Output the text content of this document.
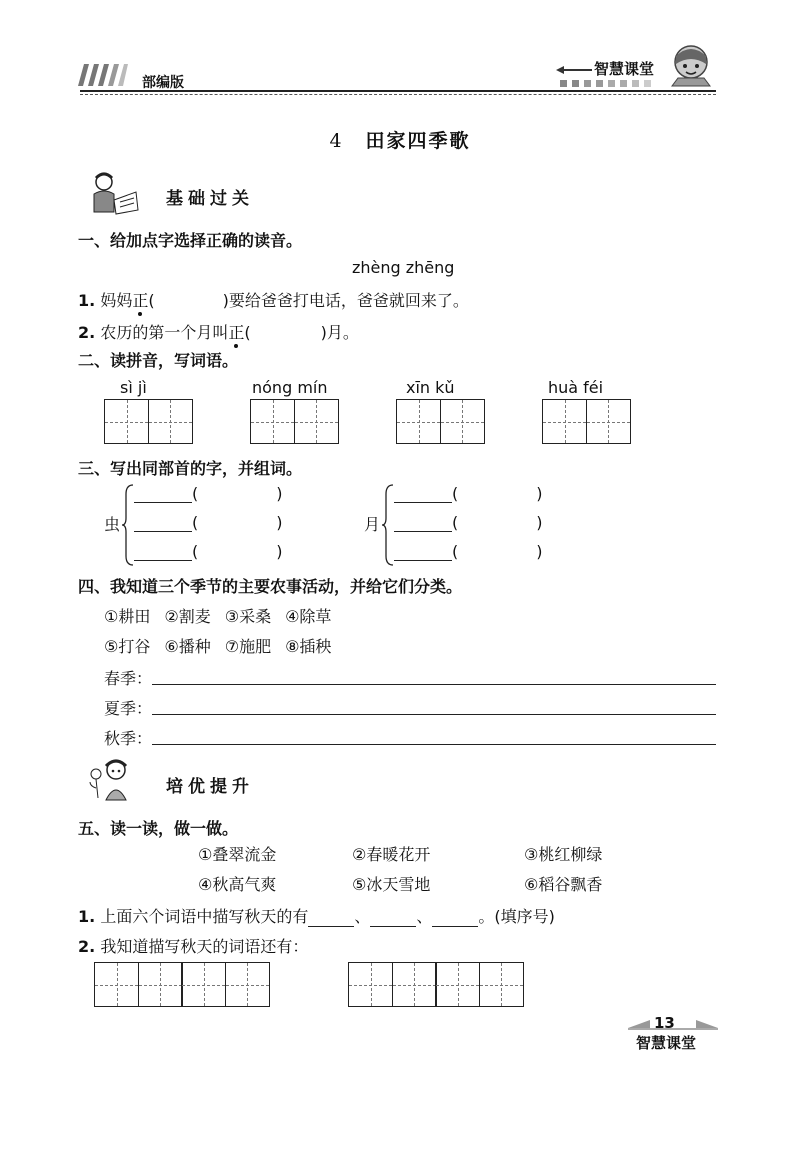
部编版
智慧课堂
4 田家四季歌
基础过关
一、给加点字选择正确的读音。
zhèng zhēng
1. 妈妈正(	)要给爸爸打电话，爸爸就回来了。
2. 农历的第一个月叫正(	)月。
二、读拼音，写词语。
sì jì	nóng mín	xīn kǔ	huà féi
三、写出同部首的字，并组词。
虫
(	)
(	)
(	)
月
(	)
(	)
(	)
四、我知道三个季节的主要农事活动，并给它们分类。
①耕田 ②割麦 ③采桑 ④除草
⑤打谷 ⑥播种 ⑦施肥 ⑧插秧
春季：
夏季：
秋季：
培优提升
五、读一读，做一做。
①叠翠流金	②春暖花开	③桃红柳绿
④秋高气爽	⑤冰天雪地	⑥稻谷飘香
1. 上面六个词语中描写秋天的有	、	、	。(填序号)
2. 我知道描写秋天的词语还有：
13
智慧课堂
